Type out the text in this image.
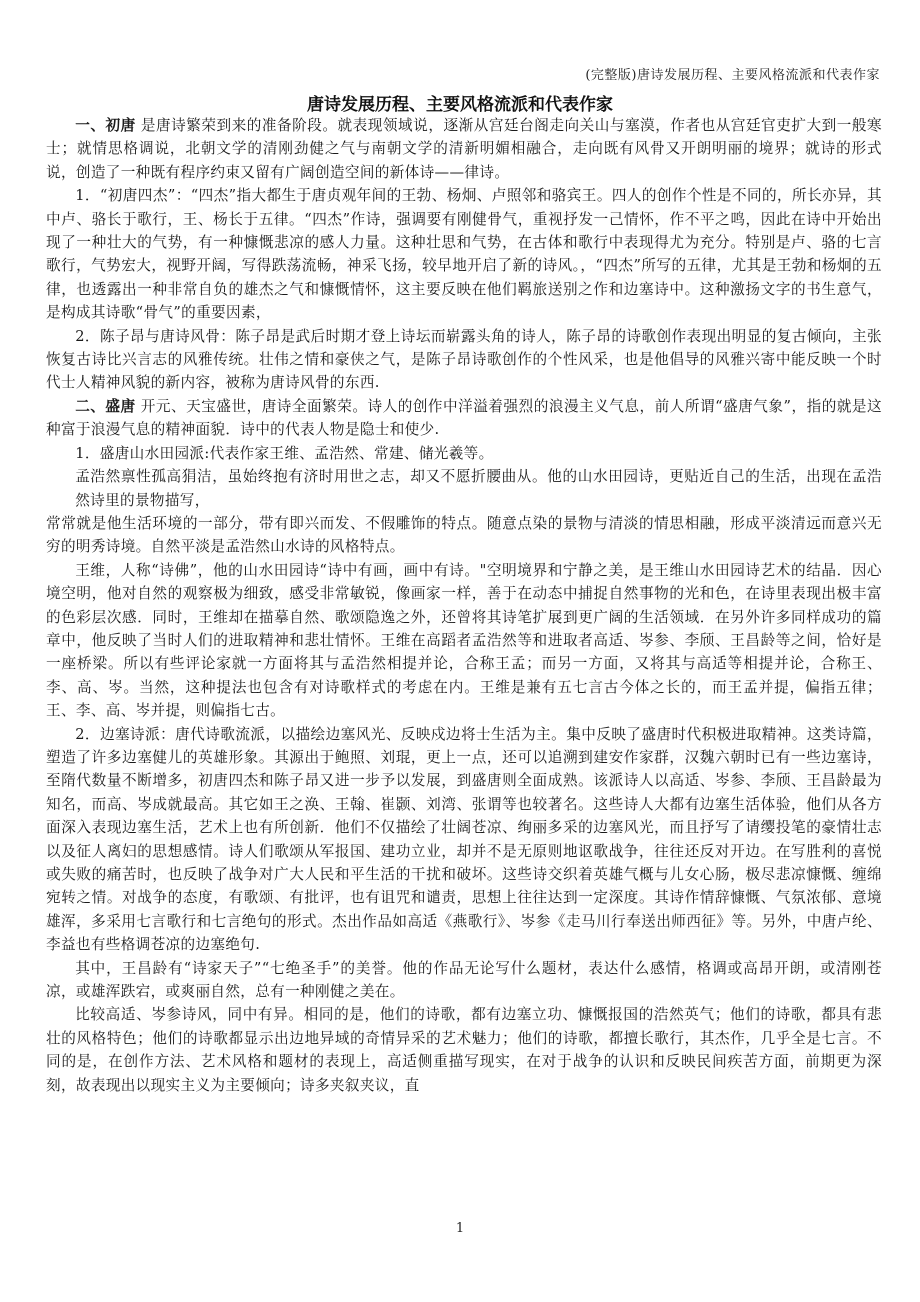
(完整版)唐诗发展历程、主要风格流派和代表作家
唐诗发展历程、主要风格流派和代表作家

一、初唐 是唐诗繁荣到来的准备阶段。就表现领域说，逐渐从宫廷台阁走向关山与塞漠，作者也从宫廷官吏扩大到一般寒士；就情思格调说，北朝文学的清刚劲健之气与南朝文学的清新明媚相融合，走向既有风骨又开朗明丽的境界；就诗的形式说，创造了一种既有程序约束又留有广阔创造空间的新体诗——律诗。

1．“初唐四杰”：“四杰”指大都生于唐贞观年间的王勃、杨炯、卢照邻和骆宾王。四人的创作个性是不同的，所长亦异，其中卢、骆长于歌行，王、杨长于五律。“四杰”作诗，强调要有刚健骨气，重视抒发一己情怀，作不平之鸣，因此在诗中开始出现了一种壮大的气势，有一种慷慨悲凉的感人力量。这种壮思和气势，在古体和歌行中表现得尤为充分。特别是卢、骆的七言歌行，气势宏大，视野开阔，写得跌荡流畅，神采飞扬，较早地开启了新的诗风。，“四杰”所写的五律，尤其是王勃和杨炯的五律，也透露出一种非常自负的雄杰之气和慷慨情怀，这主要反映在他们羁旅送别之作和边塞诗中。这种激扬文字的书生意气，是构成其诗歌“骨气”的重要因素，

2．陈子昂与唐诗风骨：陈子昂是武后时期才登上诗坛而崭露头角的诗人，陈子昂的诗歌创作表现出明显的复古倾向，主张恢复古诗比兴言志的风雅传统。壮伟之情和豪侠之气，是陈子昂诗歌创作的个性风采，也是他倡导的风雅兴寄中能反映一个时代士人精神风貌的新内容，被称为唐诗风骨的东西.

二、盛唐 开元、天宝盛世，唐诗全面繁荣。诗人的创作中洋溢着强烈的浪漫主义气息，前人所谓“盛唐气象”，指的就是这种富于浪漫气息的精神面貌．诗中的代表人物是隐士和使少.

1．盛唐山水田园派:代表作家王维、孟浩然、常建、储光羲等。

孟浩然禀性孤高狷洁，虽始终抱有济时用世之志，却又不愿折腰曲从。他的山水田园诗，更贴近自己的生活，出现在孟浩然诗里的景物描写，

常常就是他生活环境的一部分，带有即兴而发、不假雕饰的特点。随意点染的景物与清淡的情思相融，形成平淡清远而意兴无穷的明秀诗境。自然平淡是孟浩然山水诗的风格特点。

王维，人称“诗佛”，他的山水田园诗“诗中有画，画中有诗。"空明境界和宁静之美，是王维山水田园诗艺术的结晶．因心境空明，他对自然的观察极为细致，感受非常敏锐，像画家一样，善于在动态中捕捉自然事物的光和色，在诗里表现出极丰富的色彩层次感．同时，王维却在描摹自然、歌颂隐逸之外，还曾将其诗笔扩展到更广阔的生活领域．在另外许多同样成功的篇章中，他反映了当时人们的进取精神和悲壮情怀。王维在高蹈者孟浩然等和进取者高适、岑参、李颀、王昌龄等之间，恰好是一座桥梁。所以有些评论家就一方面将其与孟浩然相提并论，合称王孟；而另一方面，又将其与高适等相提并论，合称王、李、高、岑。当然，这种提法也包含有对诗歌样式的考虑在内。王维是兼有五七言古今体之长的，而王孟并提，偏指五律；王、李、高、岑并提，则偏指七古。

2．边塞诗派：唐代诗歌流派，以描绘边塞风光、反映戍边将士生活为主。集中反映了盛唐时代积极进取精神。这类诗篇，塑造了许多边塞健儿的英雄形象。其源出于鲍照、刘琨，更上一点，还可以追溯到建安作家群，汉魏六朝时已有一些边塞诗，至隋代数量不断增多，初唐四杰和陈子昂又进一步予以发展，到盛唐则全面成熟。该派诗人以高适、岑参、李颀、王昌龄最为知名，而高、岑成就最高。其它如王之涣、王翰、崔颢、刘湾、张谓等也较著名。这些诗人大都有边塞生活体验，他们从各方面深入表现边塞生活，艺术上也有所创新．他们不仅描绘了壮阔苍凉、绚丽多采的边塞风光，而且抒写了请缨投笔的豪情壮志以及征人离妇的思想感情。诗人们歌颂从军报国、建功立业，却并不是无原则地讴歌战争，往往还反对开边。在写胜利的喜悦或失败的痛苦时，也反映了战争对广大人民和平生活的干扰和破坏。这些诗交织着英雄气概与儿女心肠，极尽悲凉慷慨、缠绵宛转之情。对战争的态度，有歌颂、有批评，也有诅咒和谴责，思想上往往达到一定深度。其诗作情辞慷慨、气氛浓郁、意境雄浑，多采用七言歌行和七言绝句的形式。杰出作品如高适《燕歌行》、岑参《走马川行奉送出师西征》等。另外，中唐卢纶、李益也有些格调苍凉的边塞绝句.

其中，王昌龄有“诗家天子”“七绝圣手”的美誉。他的作品无论写什么题材，表达什么感情，格调或高昂开朗，或清刚苍凉，或雄浑跌宕，或爽丽自然，总有一种刚健之美在。

比较高适、岑参诗风，同中有异。相同的是，他们的诗歌，都有边塞立功、慷慨报国的浩然英气；他们的诗歌，都具有悲壮的风格特色；他们的诗歌都显示出边地异域的奇情异采的艺术魅力；他们的诗歌，都擅长歌行，其杰作，几乎全是七言。不同的是，在创作方法、艺术风格和题材的表现上，高适侧重描写现实，在对于战争的认识和反映民间疾苦方面，前期更为深刻，故表现出以现实主义为主要倾向；诗多夹叙夹议，直

1
